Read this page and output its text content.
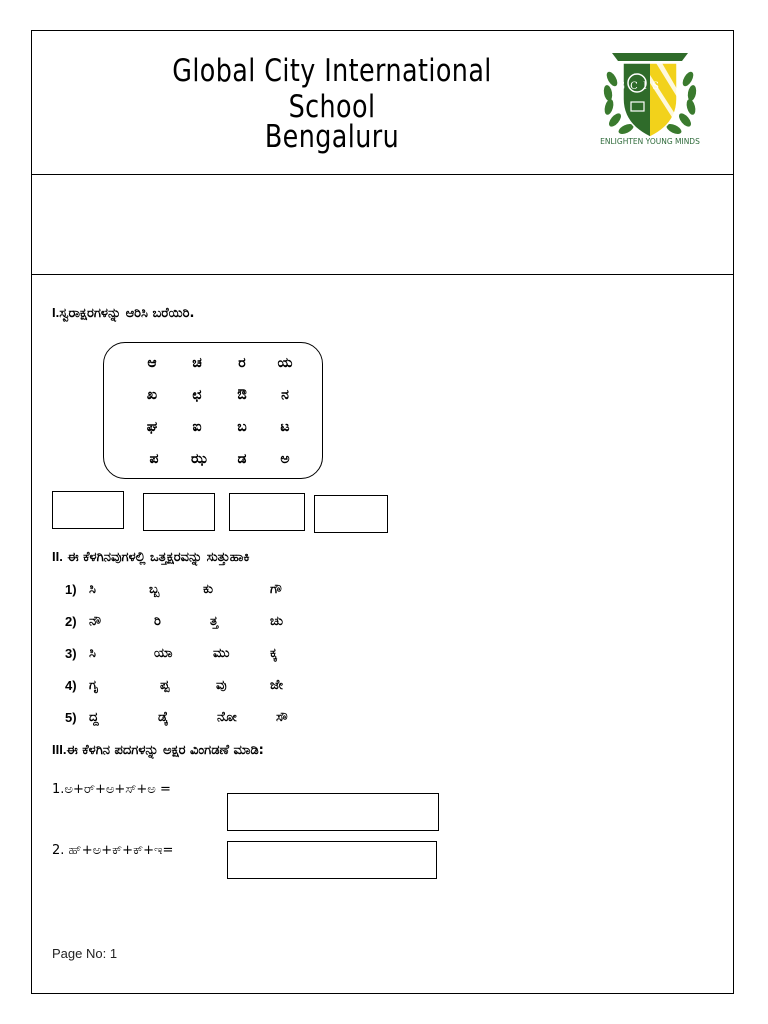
Global City International School
Bengaluru
GLOBAL CITY INTERNATIONAL SCHOOL
G C I S
ENLIGHTEN YOUNG MINDS
I.ಸ್ವರಾಕ್ಷರಗಳನ್ನು ಆರಿಸಿ ಬರೆಯಿರಿ.
ಆ	ಚ	ರ	ಯ
ಖ	ಛ	ಔ	ನ
ಘ	ಐ	ಬ	ಟ
ಪ	ಝ	ಡ	ಅ
II. ಈ ಕೆಳಗಿನವುಗಳಲ್ಲಿ ಒತ್ತಕ್ಷರವನ್ನು ಸುತ್ತುಹಾಕಿ
1) ಸಿ	ಬ್ಬ	ಕು	ಗೌ
2) ನೌ	ರಿ	ತ್ತ	ಚು
3) ಸಿ	ಯಾ	ಮು	ಕ್ಕ
4) ಗೃ	ಪ್ಪ	ವು	ಜೇ
5) ದ್ದ	ಡ್ಕೆ	ನೋ	ಸೌ
III.ಈ ಕೆಳಗಿನ ಪದಗಳನ್ನು ಅಕ್ಷರ ವಿಂಗಡಣೆ ಮಾಡಿ:
1.ಅ+ರ್+ಅ+ಸ್+ಅ =
2. ಹ್+ಅ+ಕ್+ಕ್+ಇ=
Page No: 1
